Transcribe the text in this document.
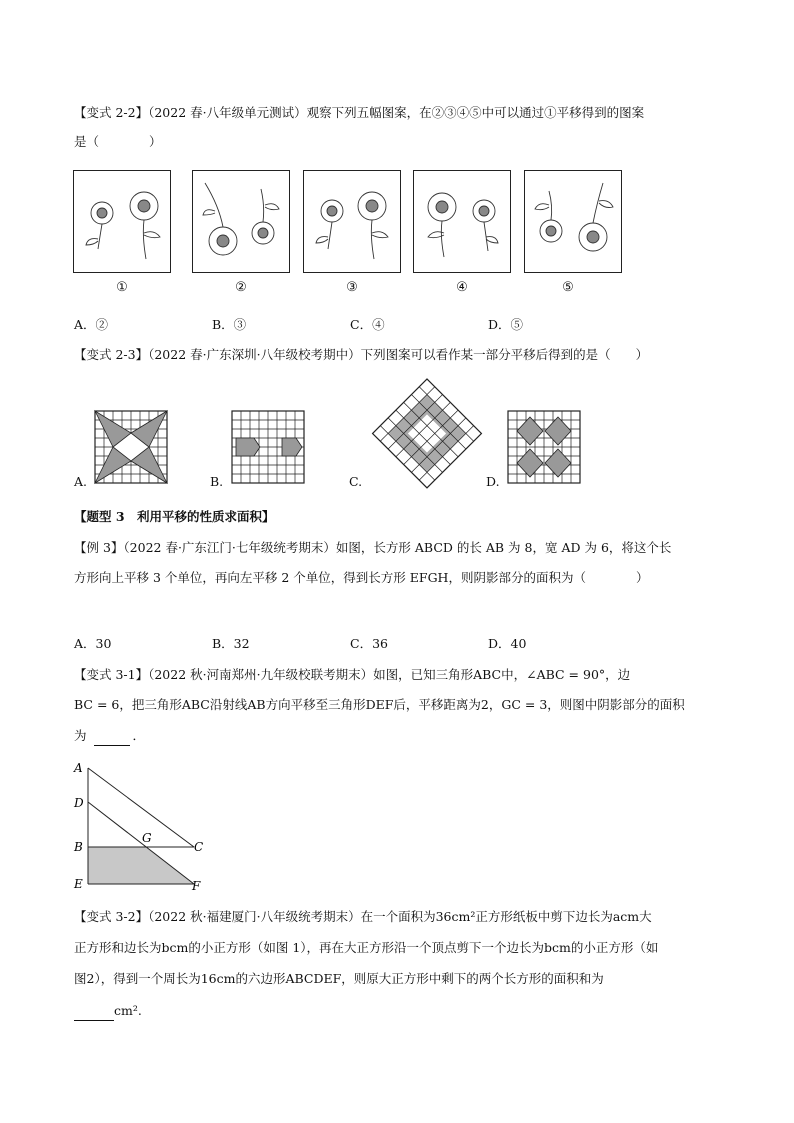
【变式 2-2】（2022 春·八年级单元测试）观察下列五幅图案，在②③④⑤中可以通过①平移得到的图案
是（　　　　）
①	②	③	④	⑤
A．②	B．③	C．④	D．⑤
【变式 2-3】（2022 春·广东深圳·八年级校考期中）下列图案可以看作某一部分平移后得到的是（　　）
A.	B.	C.	D.
【题型 3　利用平移的性质求面积】
【例 3】（2022 春·广东江门·七年级统考期末）如图，长方形 ABCD 的长 AB 为 8，宽 AD 为 6，将这个长
方形向上平移 3 个单位，再向左平移 2 个单位，得到长方形 EFGH，则阴影部分的面积为（　　　　）
A．30	B．32	C．36	D．40
【变式 3-1】（2022 秋·河南郑州·九年级校联考期末）如图，已知三角形ABC中，∠ABC = 90°，边
BC = 6，把三角形ABC沿射线AB方向平移至三角形DEF后，平移距离为2，GC = 3，则图中阴影部分的面积
为	．
A
D
B
E
G
C
F
【变式 3-2】（2022 秋·福建厦门·八年级统考期末）在一个面积为36cm²正方形纸板中剪下边长为acm大
正方形和边长为bcm的小正方形（如图 1），再在大正方形沿一个顶点剪下一个边长为bcm的小正方形（如
图2），得到一个周长为16cm的六边形ABCDEF，则原大正方形中剩下的两个长方形的面积和为
cm².
